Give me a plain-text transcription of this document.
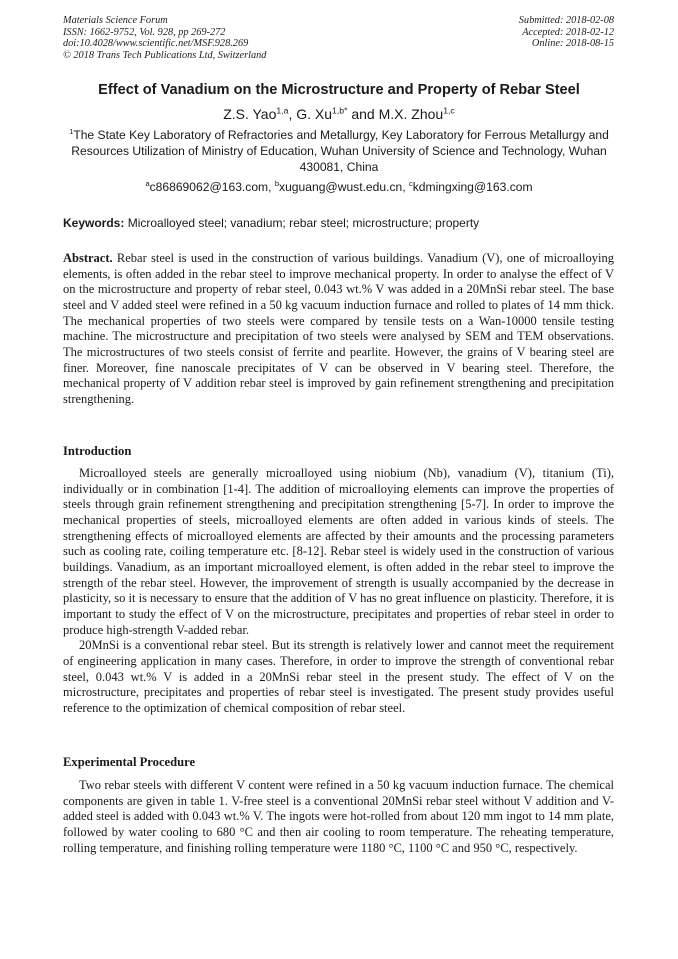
Materials Science Forum
ISSN: 1662-9752, Vol. 928, pp 269-272
doi:10.4028/www.scientific.net/MSF.928.269
© 2018 Trans Tech Publications Ltd, Switzerland
Submitted: 2018-02-08
Accepted: 2018-02-12
Online: 2018-08-15
Effect of Vanadium on the Microstructure and Property of Rebar Steel
Z.S. Yao$^{1,a}$, G. $Xu^{1,b*}$ and M.X. Zhou$^{1,c}$
$^1$The State Key Laboratory of Refractories and Metallurgy, Key Laboratory for Ferrous Metallurgy and Resources Utilization of Ministry of Education, Wuhan University of Science and Technology, Wuhan 430081, China
$^a$c86869062@163.com, $^b$xuguang@wust.edu.cn, $^c$kdmingxing@163.com
Keywords: Microalloyed steel; vanadium; rebar steel; microstructure; property
Abstract. Rebar steel is used in the construction of various buildings. Vanadium (V), one of microalloying elements, is often added in the rebar steel to improve mechanical property. In order to analyse the effect of V on the microstructure and property of rebar steel, 0.043 wt.% V was added in a 20MnSi rebar steel. The base steel and V added steel were refined in a 50 kg vacuum induction furnace and rolled to plates of 14 mm thick. The mechanical properties of two steels were compared by tensile tests on a Wan-10000 tensile testing machine. The microstructure and precipitation of two steels were analysed by SEM and TEM observations. The microstructures of two steels consist of ferrite and pearlite. However, the grains of V bearing steel are finer. Moreover, fine nanoscale precipitates of V can be observed in V bearing steel. Therefore, the mechanical property of V addition rebar steel is improved by gain refinement strengthening and precipitation strengthening.
Introduction

Microalloyed steels are generally microalloyed using niobium (Nb), vanadium (V), titanium (Ti), individually or in combination [1-4]. The addition of microalloying elements can improve the properties of steels through grain refinement strengthening and precipitation strengthening [5-7]. In order to improve the mechanical properties of steels, microalloyed elements are often added in various kinds of steels. The strengthening effects of microalloyed elements are affected by their amounts and the processing parameters such as cooling rate, coiling temperature etc. [8-12]. Rebar steel is widely used in the construction of various buildings. Vanadium, as an important microalloyed element, is often added in the rebar steel to improve the strength of the rebar steel. However, the improvement of strength is usually accompanied by the decrease in plasticity, so it is necessary to ensure that the addition of V has no great influence on plasticity. Therefore, it is important to study the effect of V on the microstructure, precipitates and properties of rebar steel in order to produce high-strength V-added rebar.

20MnSi is a conventional rebar steel. But its strength is relatively lower and cannot meet the requirement of engineering application in many cases. Therefore, in order to improve the strength of conventional rebar steel, 0.043 wt.% V is added in a 20MnSi rebar steel in the present study. The effect of V on the microstructure, precipitates and properties of rebar steel is investigated. The present study provides useful reference to the optimization of chemical composition of rebar steel.

Experimental Procedure

Two rebar steels with different V content were refined in a 50 kg vacuum induction furnace. The chemical components are given in table 1. V-free steel is a conventional 20MnSi rebar steel without V addition and V-added steel is added with 0.043 wt.% V. The ingots were hot-rolled from about 120 mm ingot to 14 mm plate, followed by water cooling to 680 °C and then air cooling to room temperature. The reheating temperature, rolling temperature, and finishing rolling temperature were 1180 °C, 1100 °C and 950 °C, respectively.
